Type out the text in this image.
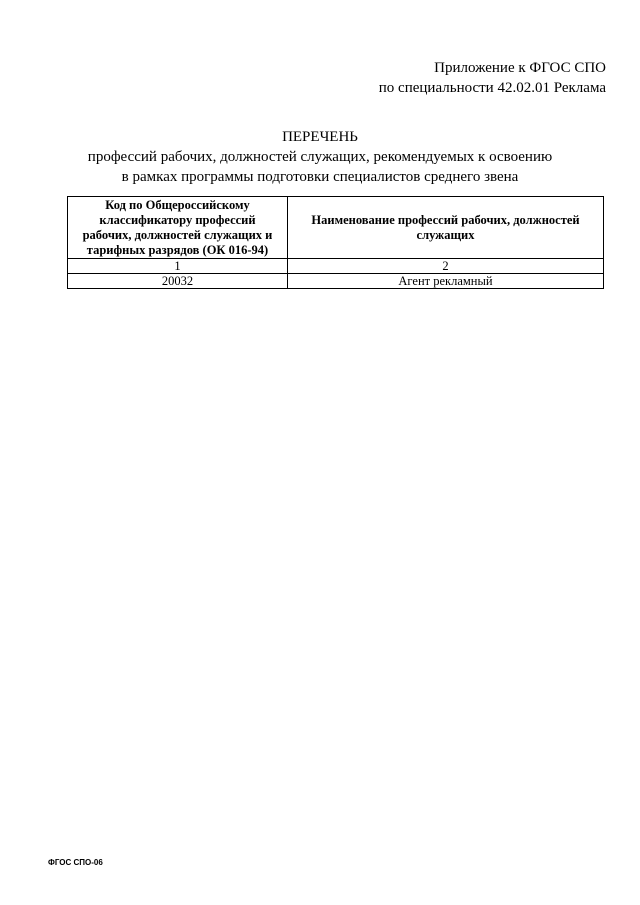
Приложение к ФГОС СПО
по специальности 42.02.01 Реклама
ПЕРЕЧЕНЬ
профессий рабочих, должностей служащих, рекомендуемых к освоению
в рамках программы подготовки специалистов среднего звена
Код по Общероссийскому классификатору профессий рабочих, должностей служащих и тарифных разрядов (ОК 016-94)	Наименование профессий рабочих, должностей служащих
1	2
20032	Агент рекламный
ФГОС СПО-06
